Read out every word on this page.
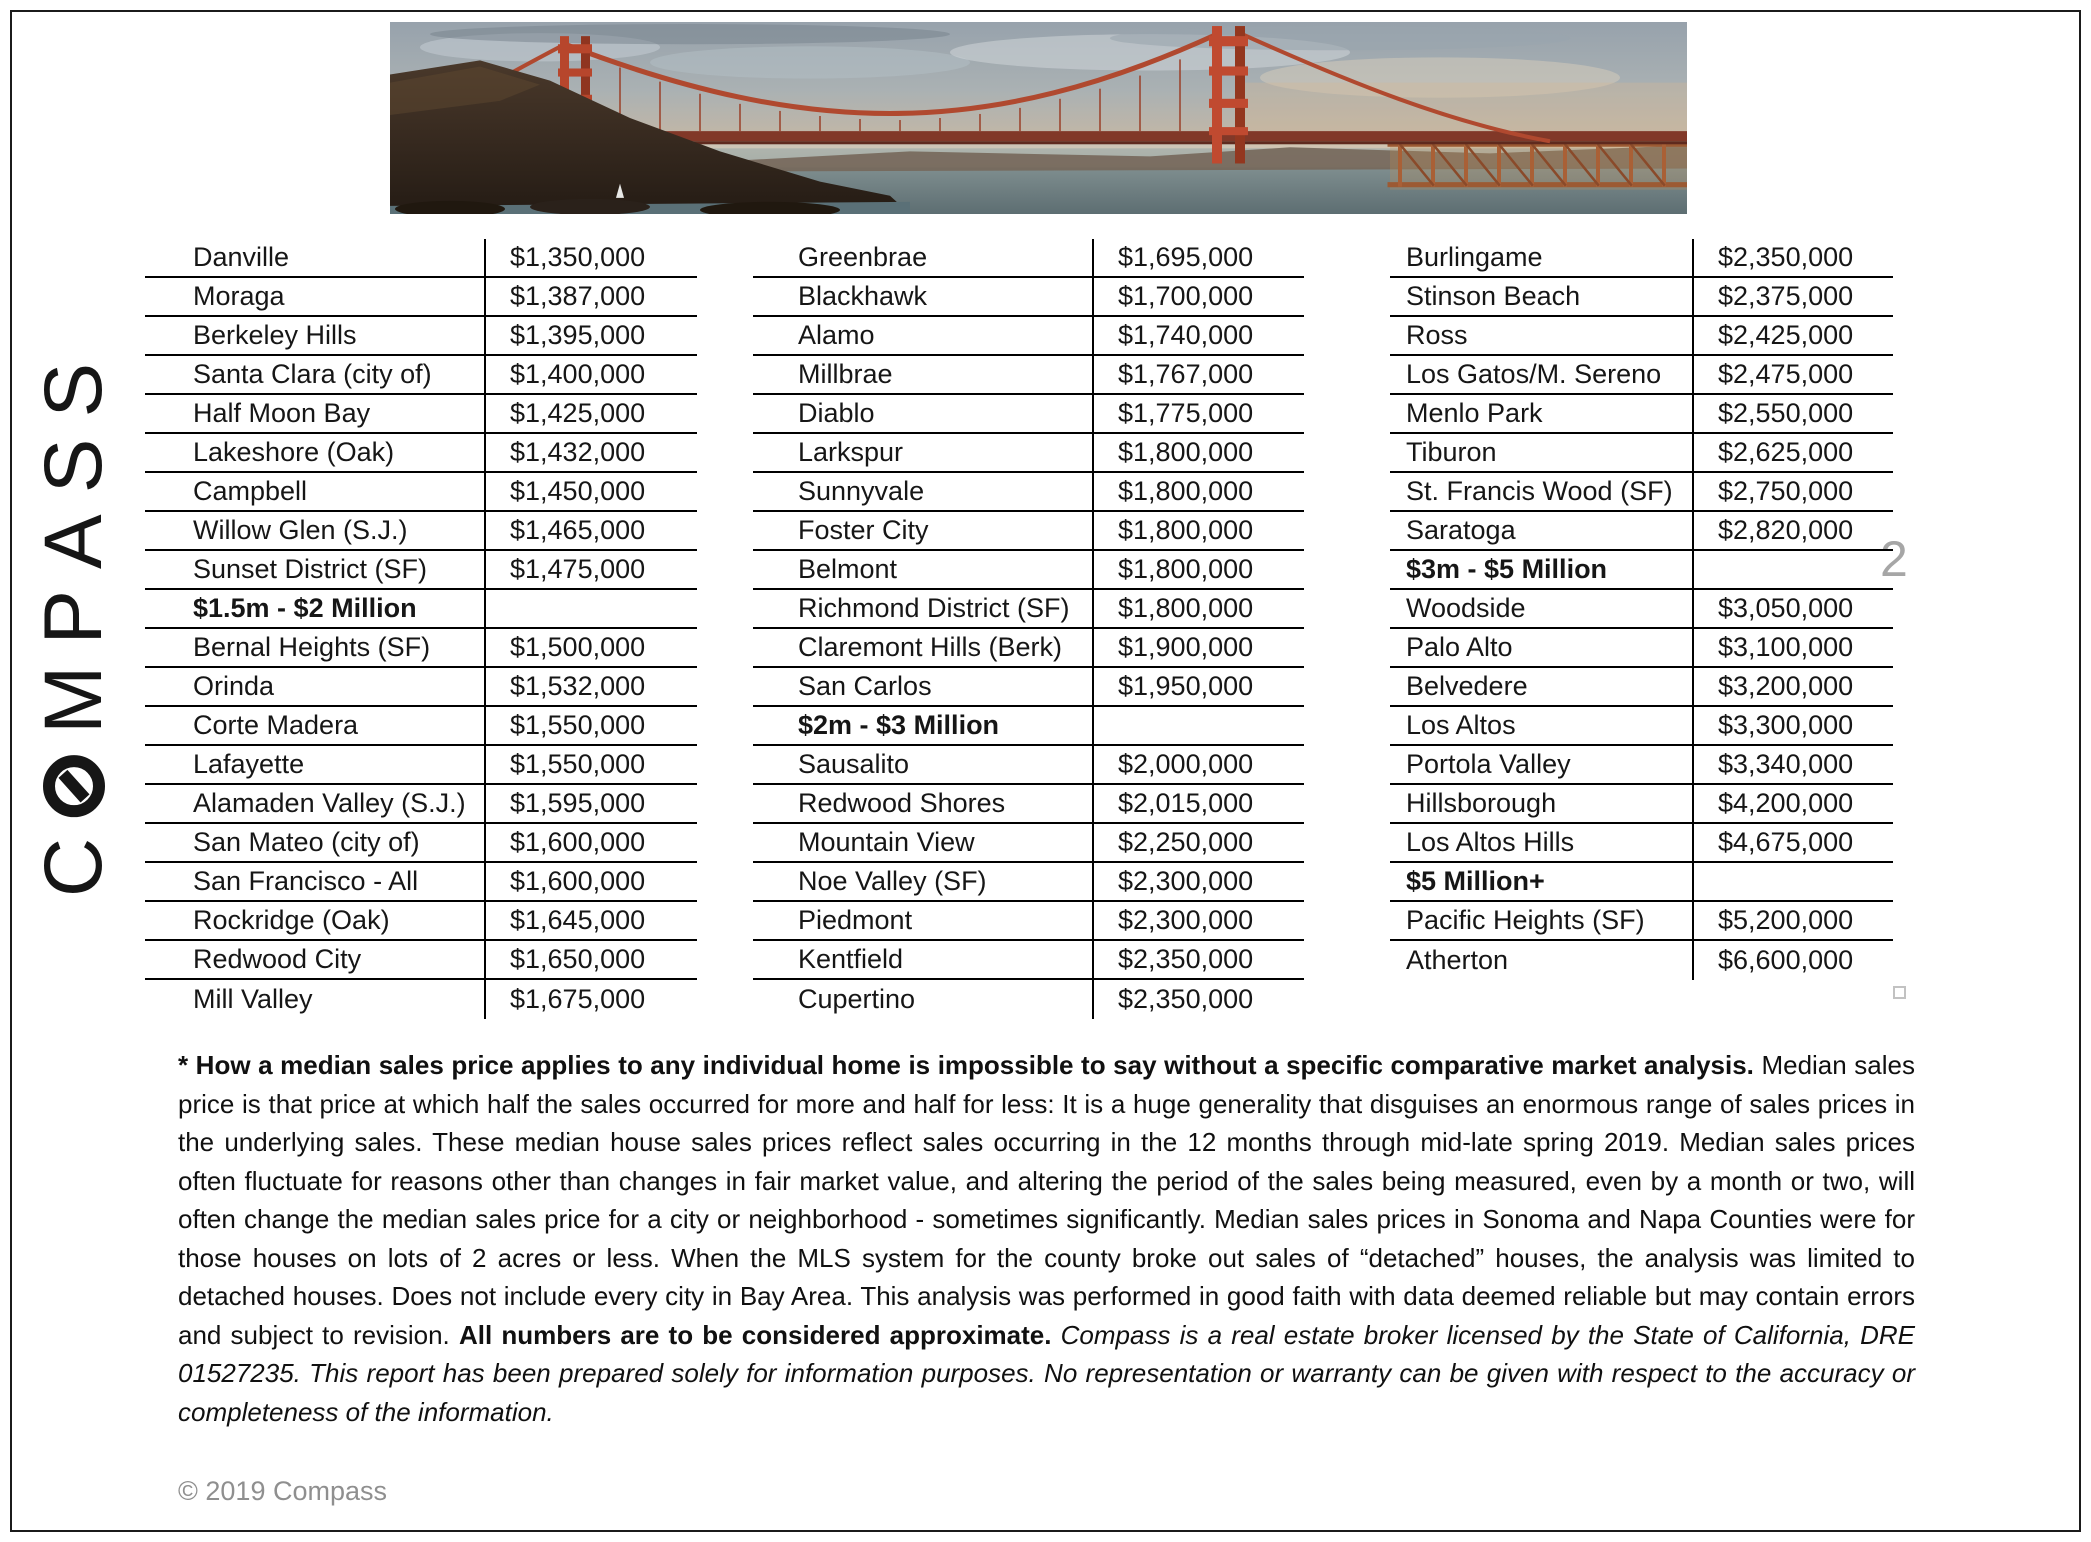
C
M
P
A
S
S
2
Danville	$1,350,000
Moraga	$1,387,000
Berkeley Hills	$1,395,000
Santa Clara (city of)	$1,400,000
Half Moon Bay	$1,425,000
Lakeshore (Oak)	$1,432,000
Campbell	$1,450,000
Willow Glen (S.J.)	$1,465,000
Sunset District (SF)	$1,475,000
$1.5m - $2 Million
Bernal Heights (SF)	$1,500,000
Orinda	$1,532,000
Corte Madera	$1,550,000
Lafayette	$1,550,000
Alamaden Valley (S.J.)	$1,595,000
San Mateo (city of)	$1,600,000
San Francisco - All	$1,600,000
Rockridge (Oak)	$1,645,000
Redwood City	$1,650,000
Mill Valley	$1,675,000
Greenbrae	$1,695,000
Blackhawk	$1,700,000
Alamo	$1,740,000
Millbrae	$1,767,000
Diablo	$1,775,000
Larkspur	$1,800,000
Sunnyvale	$1,800,000
Foster City	$1,800,000
Belmont	$1,800,000
Richmond District (SF)	$1,800,000
Claremont Hills (Berk)	$1,900,000
San Carlos	$1,950,000
$2m - $3 Million
Sausalito	$2,000,000
Redwood Shores	$2,015,000
Mountain View	$2,250,000
Noe Valley (SF)	$2,300,000
Piedmont	$2,300,000
Kentfield	$2,350,000
Cupertino	$2,350,000
Burlingame	$2,350,000
Stinson Beach	$2,375,000
Ross	$2,425,000
Los Gatos/M. Sereno	$2,475,000
Menlo Park	$2,550,000
Tiburon	$2,625,000
St. Francis Wood (SF)	$2,750,000
Saratoga	$2,820,000
$3m - $5 Million
Woodside	$3,050,000
Palo Alto	$3,100,000
Belvedere	$3,200,000
Los Altos	$3,300,000
Portola Valley	$3,340,000
Hillsborough	$4,200,000
Los Altos Hills	$4,675,000
$5 Million+
Pacific Heights (SF)	$5,200,000
Atherton	$6,600,000

* How a median sales price applies to any individual home is impossible to say without a specific comparative market analysis. Median sales price is that price at which half the sales occurred for more and half for less: It is a huge generality that disguises an enormous range of sales prices in the underlying sales. These median house sales prices reflect sales occurring in the 12 months through mid-late spring 2019. Median sales prices often fluctuate for reasons other than changes in fair market value, and altering the period of the sales being measured, even by a month or two, will often change the median sales price for a city or neighborhood - sometimes significantly. Median sales prices in Sonoma and Napa Counties were for those houses on lots of 2 acres or less. When the MLS system for the county broke out sales of “detached” houses, the analysis was limited to detached houses. Does not include every city in Bay Area. This analysis was performed in good faith with data deemed reliable but may contain errors and subject to revision. All numbers are to be considered approximate. Compass is a real estate broker licensed by the State of California, DRE 01527235. This report has been prepared solely for information purposes. No representation or warranty can be given with respect to the accuracy or completeness of the information.

© 2019 Compass
